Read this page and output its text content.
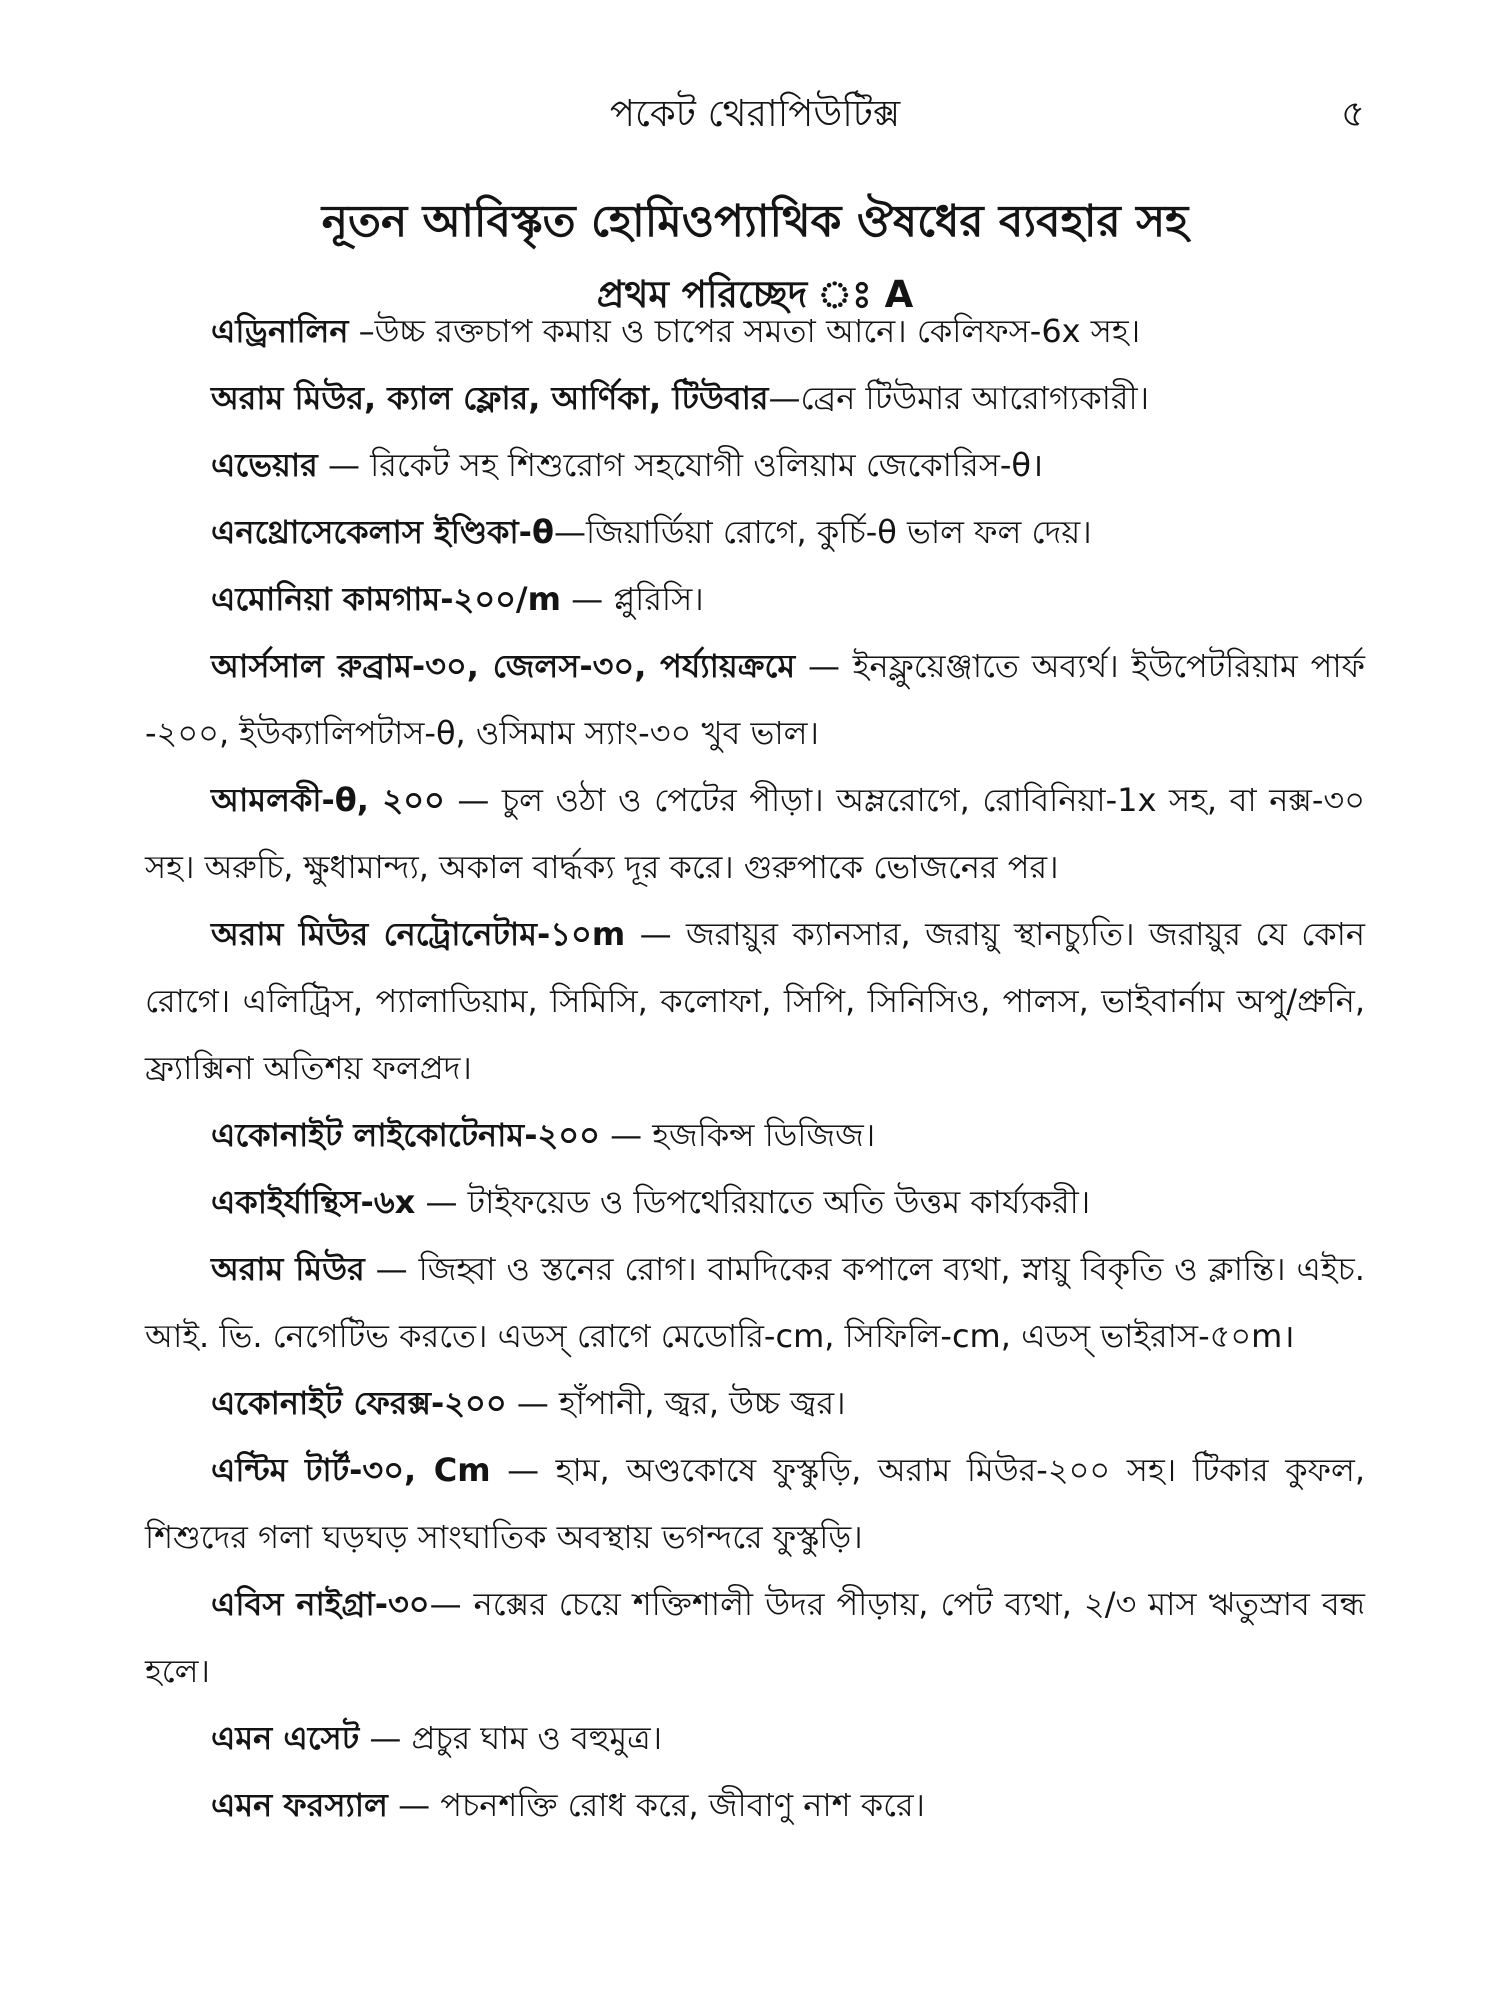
পকেট থেরাপিউটিক্স	৫
নূতন আবিস্কৃত হোমিওপ্যাথিক ঔষধের ব্যবহার সহ
প্রথম পরিচ্ছেদ ঃ A

এড্রিনালিন –উচ্চ রক্তচাপ কমায় ও চাপের সমতা আনে। কেলিফস-6x সহ।

অরাম মিউর, ক্যাল ফ্লোর, আর্ণিকা, টিউবার—ব্রেন টিউমার আরোগ্যকারী।

এভেয়ার — রিকেট সহ শিশুরোগ সহযোগী ওলিয়াম জেকোরিস-θ।

এনথ্রোসেকেলাস ইণ্ডিকা-θ—জিয়ার্ডিয়া রোগে, কুর্চি-θ ভাল ফল দেয়।

এমোনিয়া কামগাম-২০০/m — প্লুরিসি।

আর্সসাল রুব্রাম-৩০, জেলস-৩০, পর্য্যায়ক্রমে — ইনফ্লুয়েঞ্জাতে অব্যর্থ। ইউপেটরিয়াম পার্ফ -২০০, ইউক্যালিপটাস-θ, ওসিমাম স্যাং-৩০ খুব ভাল।

আমলকী-θ, ২০০ — চুল ওঠা ও পেটের পীড়া। অম্লরোগে, রোবিনিয়া-1x সহ, বা নক্স-৩০ সহ। অরুচি, ক্ষুধামান্দ্য, অকাল বার্দ্ধক্য দূর করে। গুরুপাকে ভোজনের পর।

অরাম মিউর নেট্রোনেটাম-১০m — জরায়ুর ক্যানসার, জরায়ু স্থানচ্যুতি। জরায়ুর যে কোন রোগে। এলিট্রিস, প্যালাডিয়াম, সিমিসি, কলোফা, সিপি, সিনিসিও, পালস, ভাইবার্নাম অপু/প্রুনি, ফ্র্যাক্সিনা অতিশয় ফলপ্রদ।

একোনাইট লাইকোটেনাম-২০০ — হজকিন্স ডিজিজ।

একাইর্যান্থিস-৬x — টাইফয়েড ও ডিপথেরিয়াতে অতি উত্তম কার্য্যকরী।

অরাম মিউর — জিহ্বা ও স্তনের রোগ। বামদিকের কপালে ব্যথা, স্নায়ু বিকৃতি ও ক্লান্তি। এইচ. আই. ভি. নেগেটিভ করতে। এডস্ রোগে মেডোরি-cm, সিফিলি-cm, এডস্ ভাইরাস-৫০m।

একোনাইট ফেরক্স-২০০ — হাঁপানী, জ্বর, উচ্চ জ্বর।

এন্টিম টার্ট-৩০, Cm — হাম, অণ্ডকোষে ফুস্কুড়ি, অরাম মিউর-২০০ সহ। টিকার কুফল, শিশুদের গলা ঘড়ঘড় সাংঘাতিক অবস্থায় ভগন্দরে ফুস্কুড়ি।

এবিস নাইগ্রা-৩০— নক্সের চেয়ে শক্তিশালী উদর পীড়ায়, পেট ব্যথা, ২/৩ মাস ঋতুস্রাব বন্ধ হলে।

এমন এসেট — প্রচুর ঘাম ও বহুমুত্র।

এমন ফরস্যাল — পচনশক্তি রোধ করে, জীবাণু নাশ করে।
